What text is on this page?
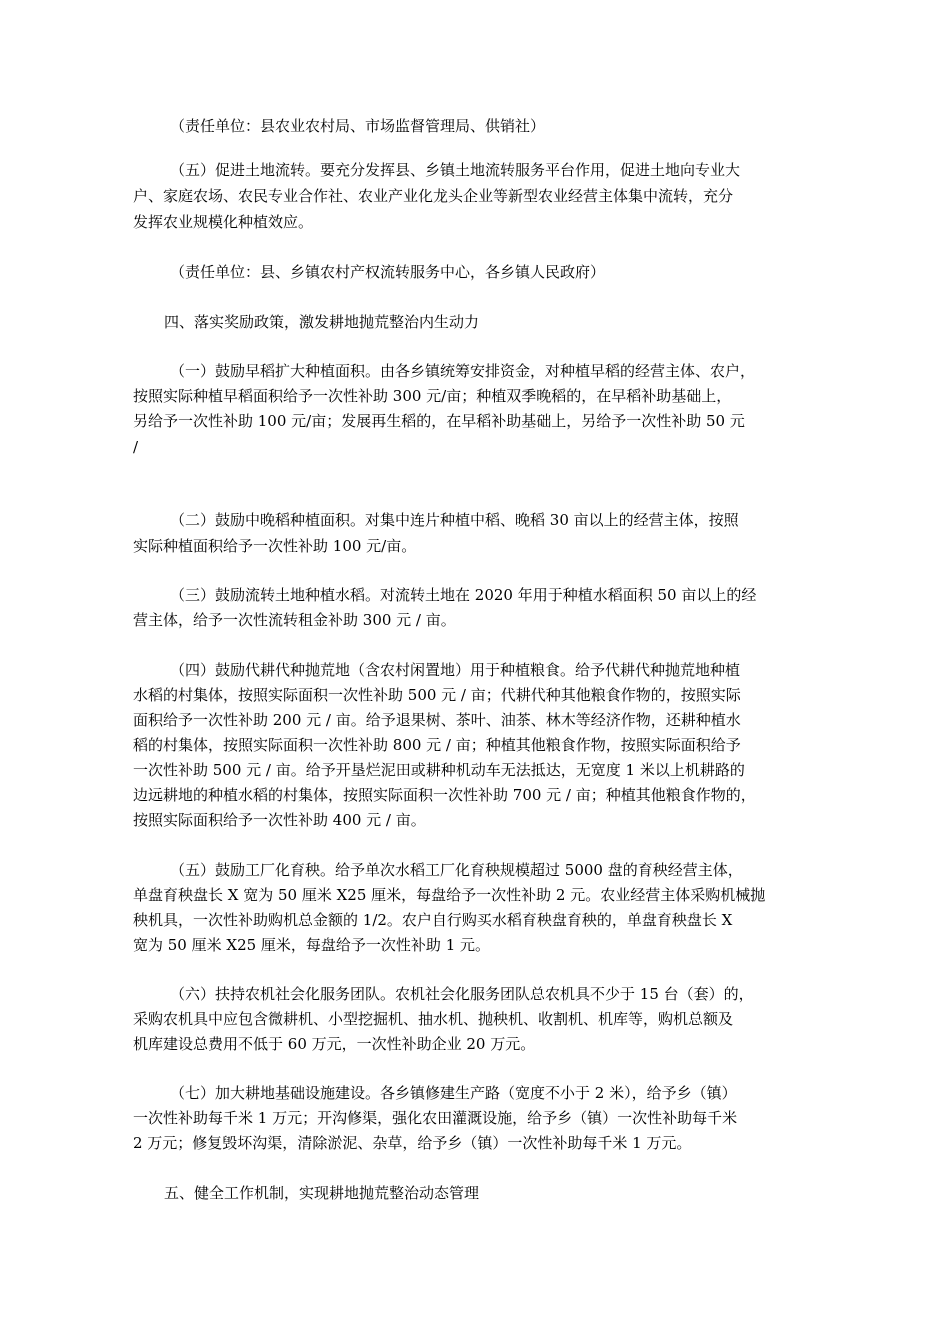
（责任单位：县农业农村局、市场监督管理局、供销社）
（五）促进土地流转。要充分发挥县、乡镇土地流转服务平台作用，促进土地向专业大
户、家庭农场、农民专业合作社、农业产业化龙头企业等新型农业经营主体集中流转，充分
发挥农业规模化种植效应。
（责任单位：县、乡镇农村产权流转服务中心，各乡镇人民政府）
四、落实奖励政策，激发耕地抛荒整治内生动力
（一）鼓励早稻扩大种植面积。由各乡镇统筹安排资金，对种植早稻的经营主体、农户，
按照实际种植早稻面积给予一次性补助 300 元/亩；种植双季晚稻的，在早稻补助基础上，
另给予一次性补助 100 元/亩；发展再生稻的，在早稻补助基础上，另给予一次性补助 50 元
/
（二）鼓励中晚稻种植面积。对集中连片种植中稻、晚稻 30 亩以上的经营主体，按照
实际种植面积给予一次性补助 100 元/亩。
（三）鼓励流转土地种植水稻。对流转土地在 2020 年用于种植水稻面积 50 亩以上的经
营主体，给予一次性流转租金补助 300 元 / 亩。
（四）鼓励代耕代种抛荒地（含农村闲置地）用于种植粮食。给予代耕代种抛荒地种植
水稻的村集体，按照实际面积一次性补助 500 元 / 亩；代耕代种其他粮食作物的，按照实际
面积给予一次性补助 200 元 / 亩。给予退果树、茶叶、油茶、林木等经济作物，还耕种植水
稻的村集体，按照实际面积一次性补助 800 元 / 亩；种植其他粮食作物，按照实际面积给予
一次性补助 500 元 / 亩。给予开垦烂泥田或耕种机动车无法抵达，无宽度 1 米以上机耕路的
边远耕地的种植水稻的村集体，按照实际面积一次性补助 700 元 / 亩；种植其他粮食作物的，
按照实际面积给予一次性补助 400 元 / 亩。
（五）鼓励工厂化育秧。给予单次水稻工厂化育秧规模超过 5000 盘的育秧经营主体，
单盘育秧盘长 X 宽为 50 厘米 X25 厘米，每盘给予一次性补助 2 元。农业经营主体采购机械抛
秧机具，一次性补助购机总金额的 1/2。农户自行购买水稻育秧盘育秧的，单盘育秧盘长 X
宽为 50 厘米 X25 厘米，每盘给予一次性补助 1 元。
（六）扶持农机社会化服务团队。农机社会化服务团队总农机具不少于 15 台（套）的，
采购农机具中应包含微耕机、小型挖掘机、抽水机、抛秧机、收割机、机库等，购机总额及
机库建设总费用不低于 60 万元，一次性补助企业 20 万元。
（七）加大耕地基础设施建设。各乡镇修建生产路（宽度不小于 2 米），给予乡（镇）
一次性补助每千米 1 万元；开沟修渠，强化农田灌溉设施，给予乡（镇）一次性补助每千米
2 万元；修复毁坏沟渠，清除淤泥、杂草，给予乡（镇）一次性补助每千米 1 万元。
五、健全工作机制，实现耕地抛荒整治动态管理
